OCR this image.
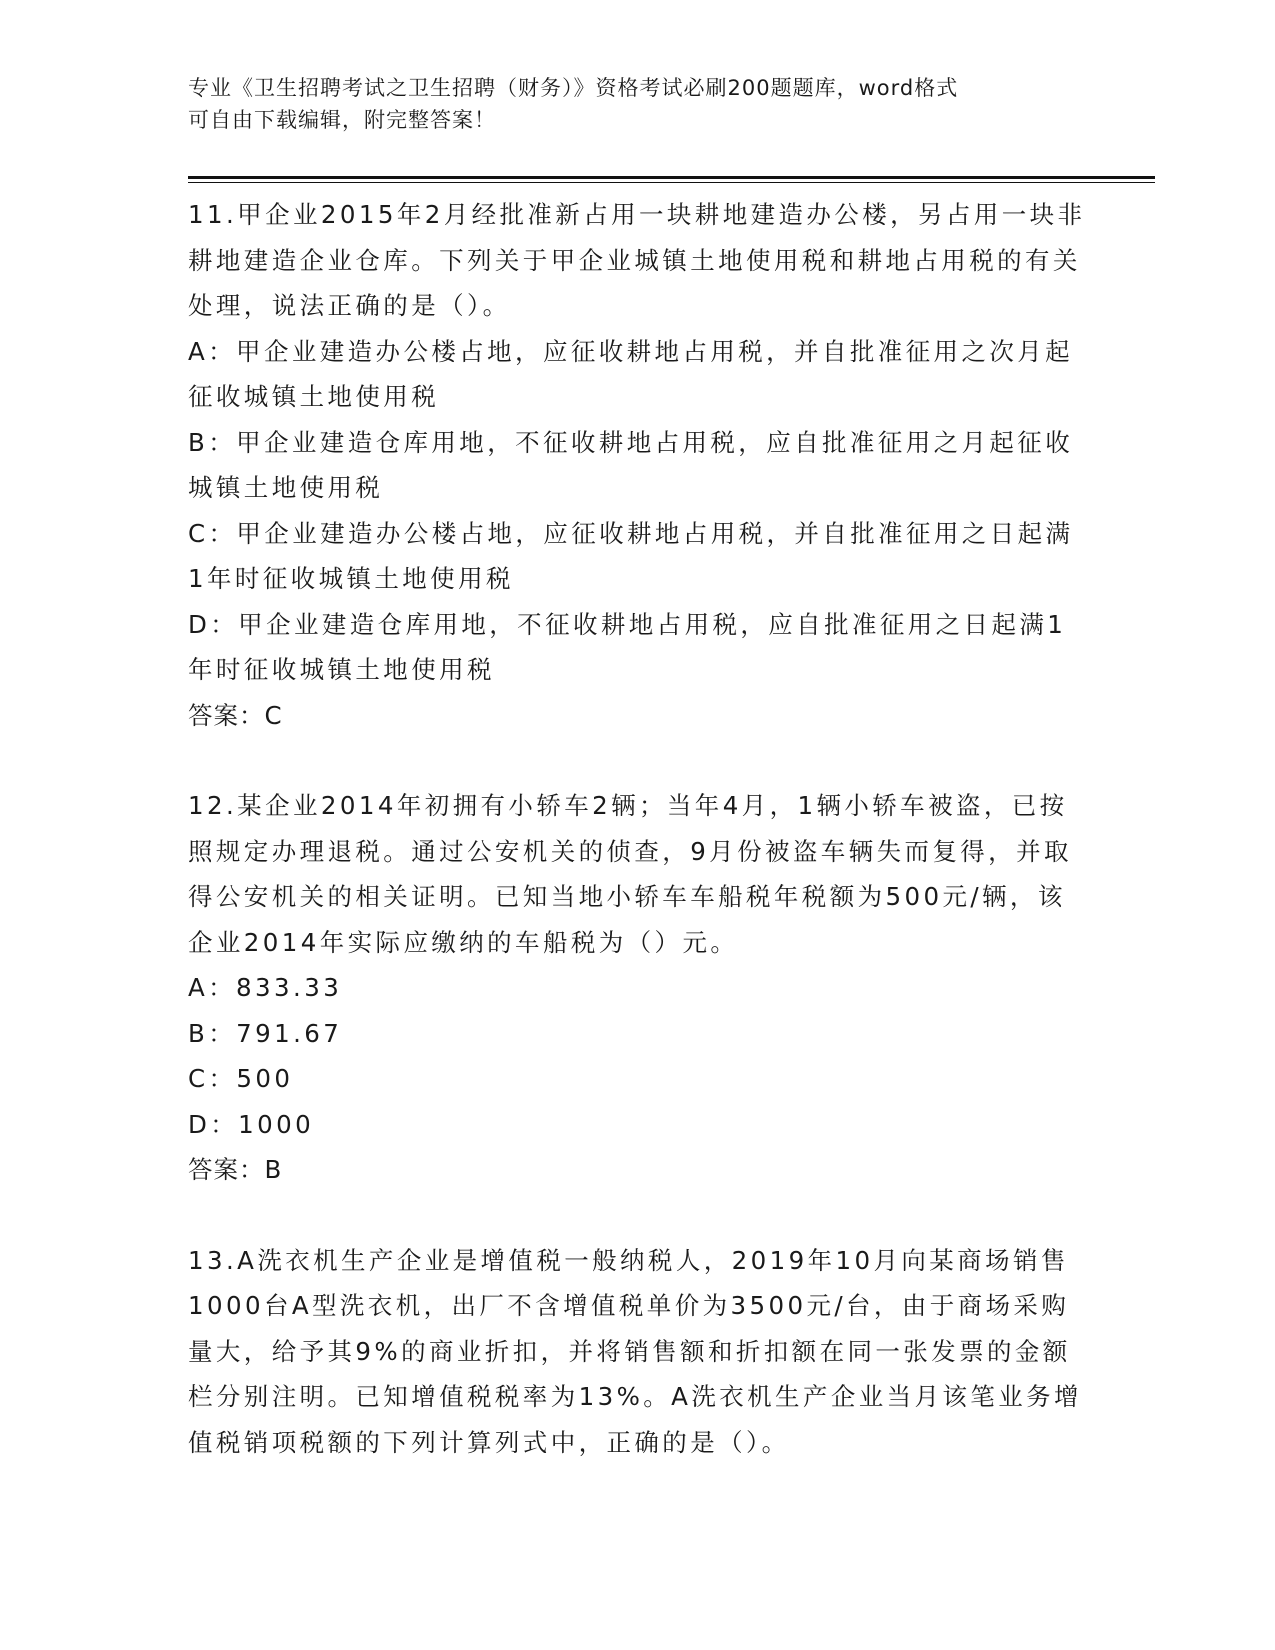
专业《卫生招聘考试之卫生招聘（财务）》资格考试必刷200题题库，word格式
可自由下载编辑，附完整答案！

11.甲企业2015年2月经批准新占用一块耕地建造办公楼，另占用一块非耕地建造企业仓库。下列关于甲企业城镇土地使用税和耕地占用税的有关处理，说法正确的是（）。

A：甲企业建造办公楼占地，应征收耕地占用税，并自批准征用之次月起征收城镇土地使用税

B：甲企业建造仓库用地，不征收耕地占用税，应自批准征用之月起征收城镇土地使用税

C：甲企业建造办公楼占地，应征收耕地占用税，并自批准征用之日起满1年时征收城镇土地使用税

D：甲企业建造仓库用地，不征收耕地占用税，应自批准征用之日起满1年时征收城镇土地使用税

答案：C

12.某企业2014年初拥有小轿车2辆；当年4月，1辆小轿车被盗，已按照规定办理退税。通过公安机关的侦查，9月份被盗车辆失而复得，并取得公安机关的相关证明。已知当地小轿车车船税年税额为500元/辆，该企业2014年实际应缴纳的车船税为（）元。

A：833.33

B：791.67

C：500

D：1000

答案：B

13.A洗衣机生产企业是增值税一般纳税人，2019年10月向某商场销售1000台A型洗衣机，出厂不含增值税单价为3500元/台，由于商场采购量大，给予其9%的商业折扣，并将销售额和折扣额在同一张发票的金额栏分别注明。已知增值税税率为13%。A洗衣机生产企业当月该笔业务增值税销项税额的下列计算列式中，正确的是（）。
